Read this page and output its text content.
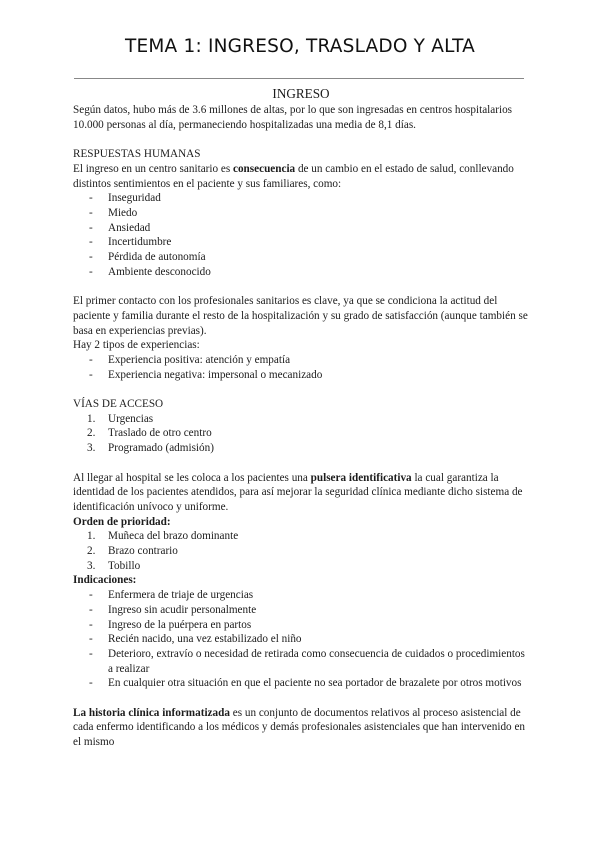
TEMA 1: INGRESO, TRASLADO Y ALTA

INGRESO

Según datos, hubo más de 3.6 millones de altas, por lo que son ingresadas en centros hospitalarios 10.000 personas al día, permaneciendo hospitalizadas una media de 8,1 días.

RESPUESTAS HUMANAS

El ingreso en un centro sanitario es consecuencia de un cambio en el estado de salud, conllevando distintos sentimientos en el paciente y sus familiares, como:

- Inseguridad
- Miedo
- Ansiedad
- Incertidumbre
- Pérdida de autonomía
- Ambiente desconocido

El primer contacto con los profesionales sanitarios es clave, ya que se condiciona la actitud del paciente y familia durante el resto de la hospitalización y su grado de satisfacción (aunque también se basa en experiencias previas).

Hay 2 tipos de experiencias:

- Experiencia positiva: atención y empatía
- Experiencia negativa: impersonal o mecanizado

VÍAS DE ACCESO

1. Urgencias
2. Traslado de otro centro
3. Programado (admisión)

Al llegar al hospital se les coloca a los pacientes una pulsera identificativa la cual garantiza la identidad de los pacientes atendidos, para así mejorar la seguridad clínica mediante dicho sistema de identificación unívoco y uniforme.

Orden de prioridad:

1. Muñeca del brazo dominante
2. Brazo contrario
3. Tobillo

Indicaciones:

- Enfermera de triaje de urgencias
- Ingreso sin acudir personalmente
- Ingreso de la puérpera en partos
- Recién nacido, una vez estabilizado el niño
- Deterioro, extravío o necesidad de retirada como consecuencia de cuidados o procedimientos a realizar
- En cualquier otra situación en que el paciente no sea portador de brazalete por otros motivos

La historia clínica informatizada es un conjunto de documentos relativos al proceso asistencial de cada enfermo identificando a los médicos y demás profesionales asistenciales que han intervenido en el mismo
